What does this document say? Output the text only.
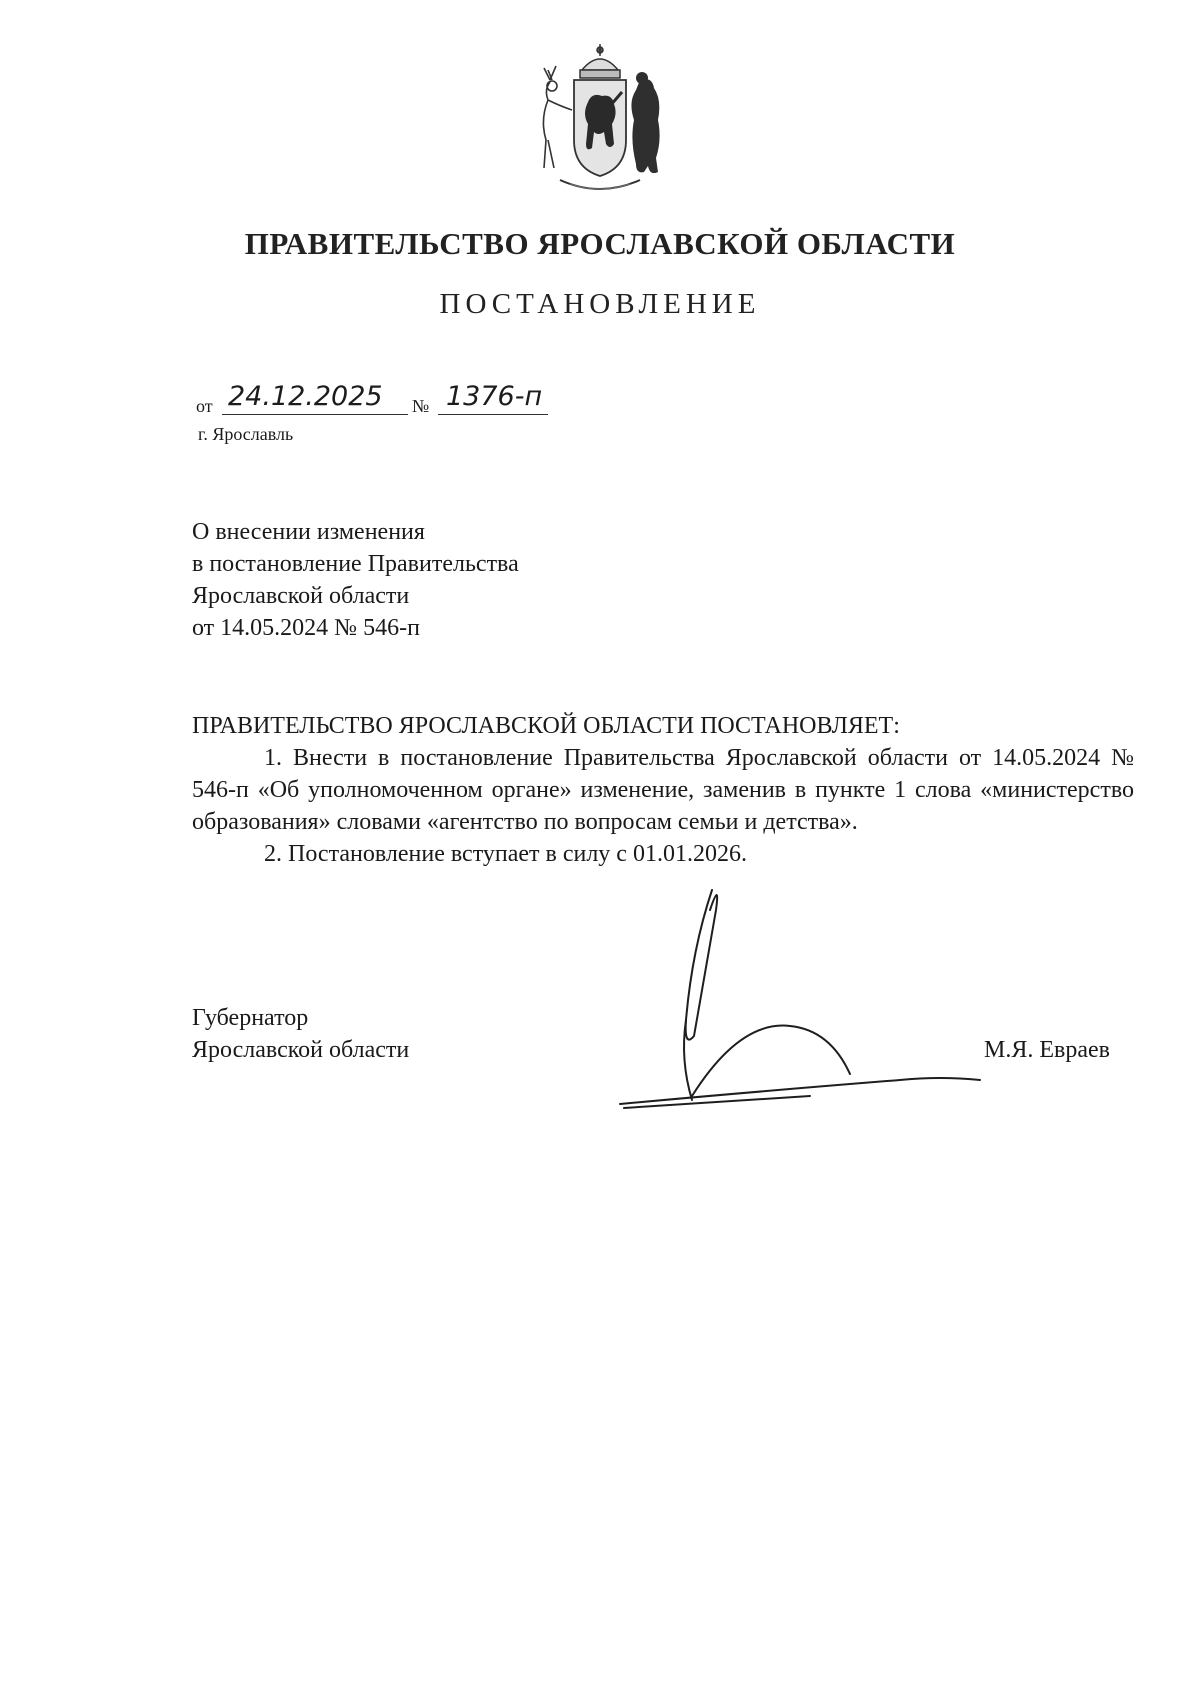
ПРАВИТЕЛЬСТВО ЯРОСЛАВСКОЙ ОБЛАСТИ
ПОСТАНОВЛЕНИЕ
от 24.12.2025 № 1376-п
г. Ярославль
О внесении изменения
в постановление Правительства
Ярославской области
от 14.05.2024 № 546-п
ПРАВИТЕЛЬСТВО ЯРОСЛАВСКОЙ ОБЛАСТИ ПОСТАНОВЛЯЕТ:

1. Внести в постановление Правительства Ярославской области от 14.05.2024 № 546-п «Об уполномоченном органе» изменение, заменив в пункте 1 слова «министерство образования» словами «агентство по вопросам семьи и детства».

2. Постановление вступает в силу с 01.01.2026.

Губернатор
Ярославской области	М.Я. Евраев
